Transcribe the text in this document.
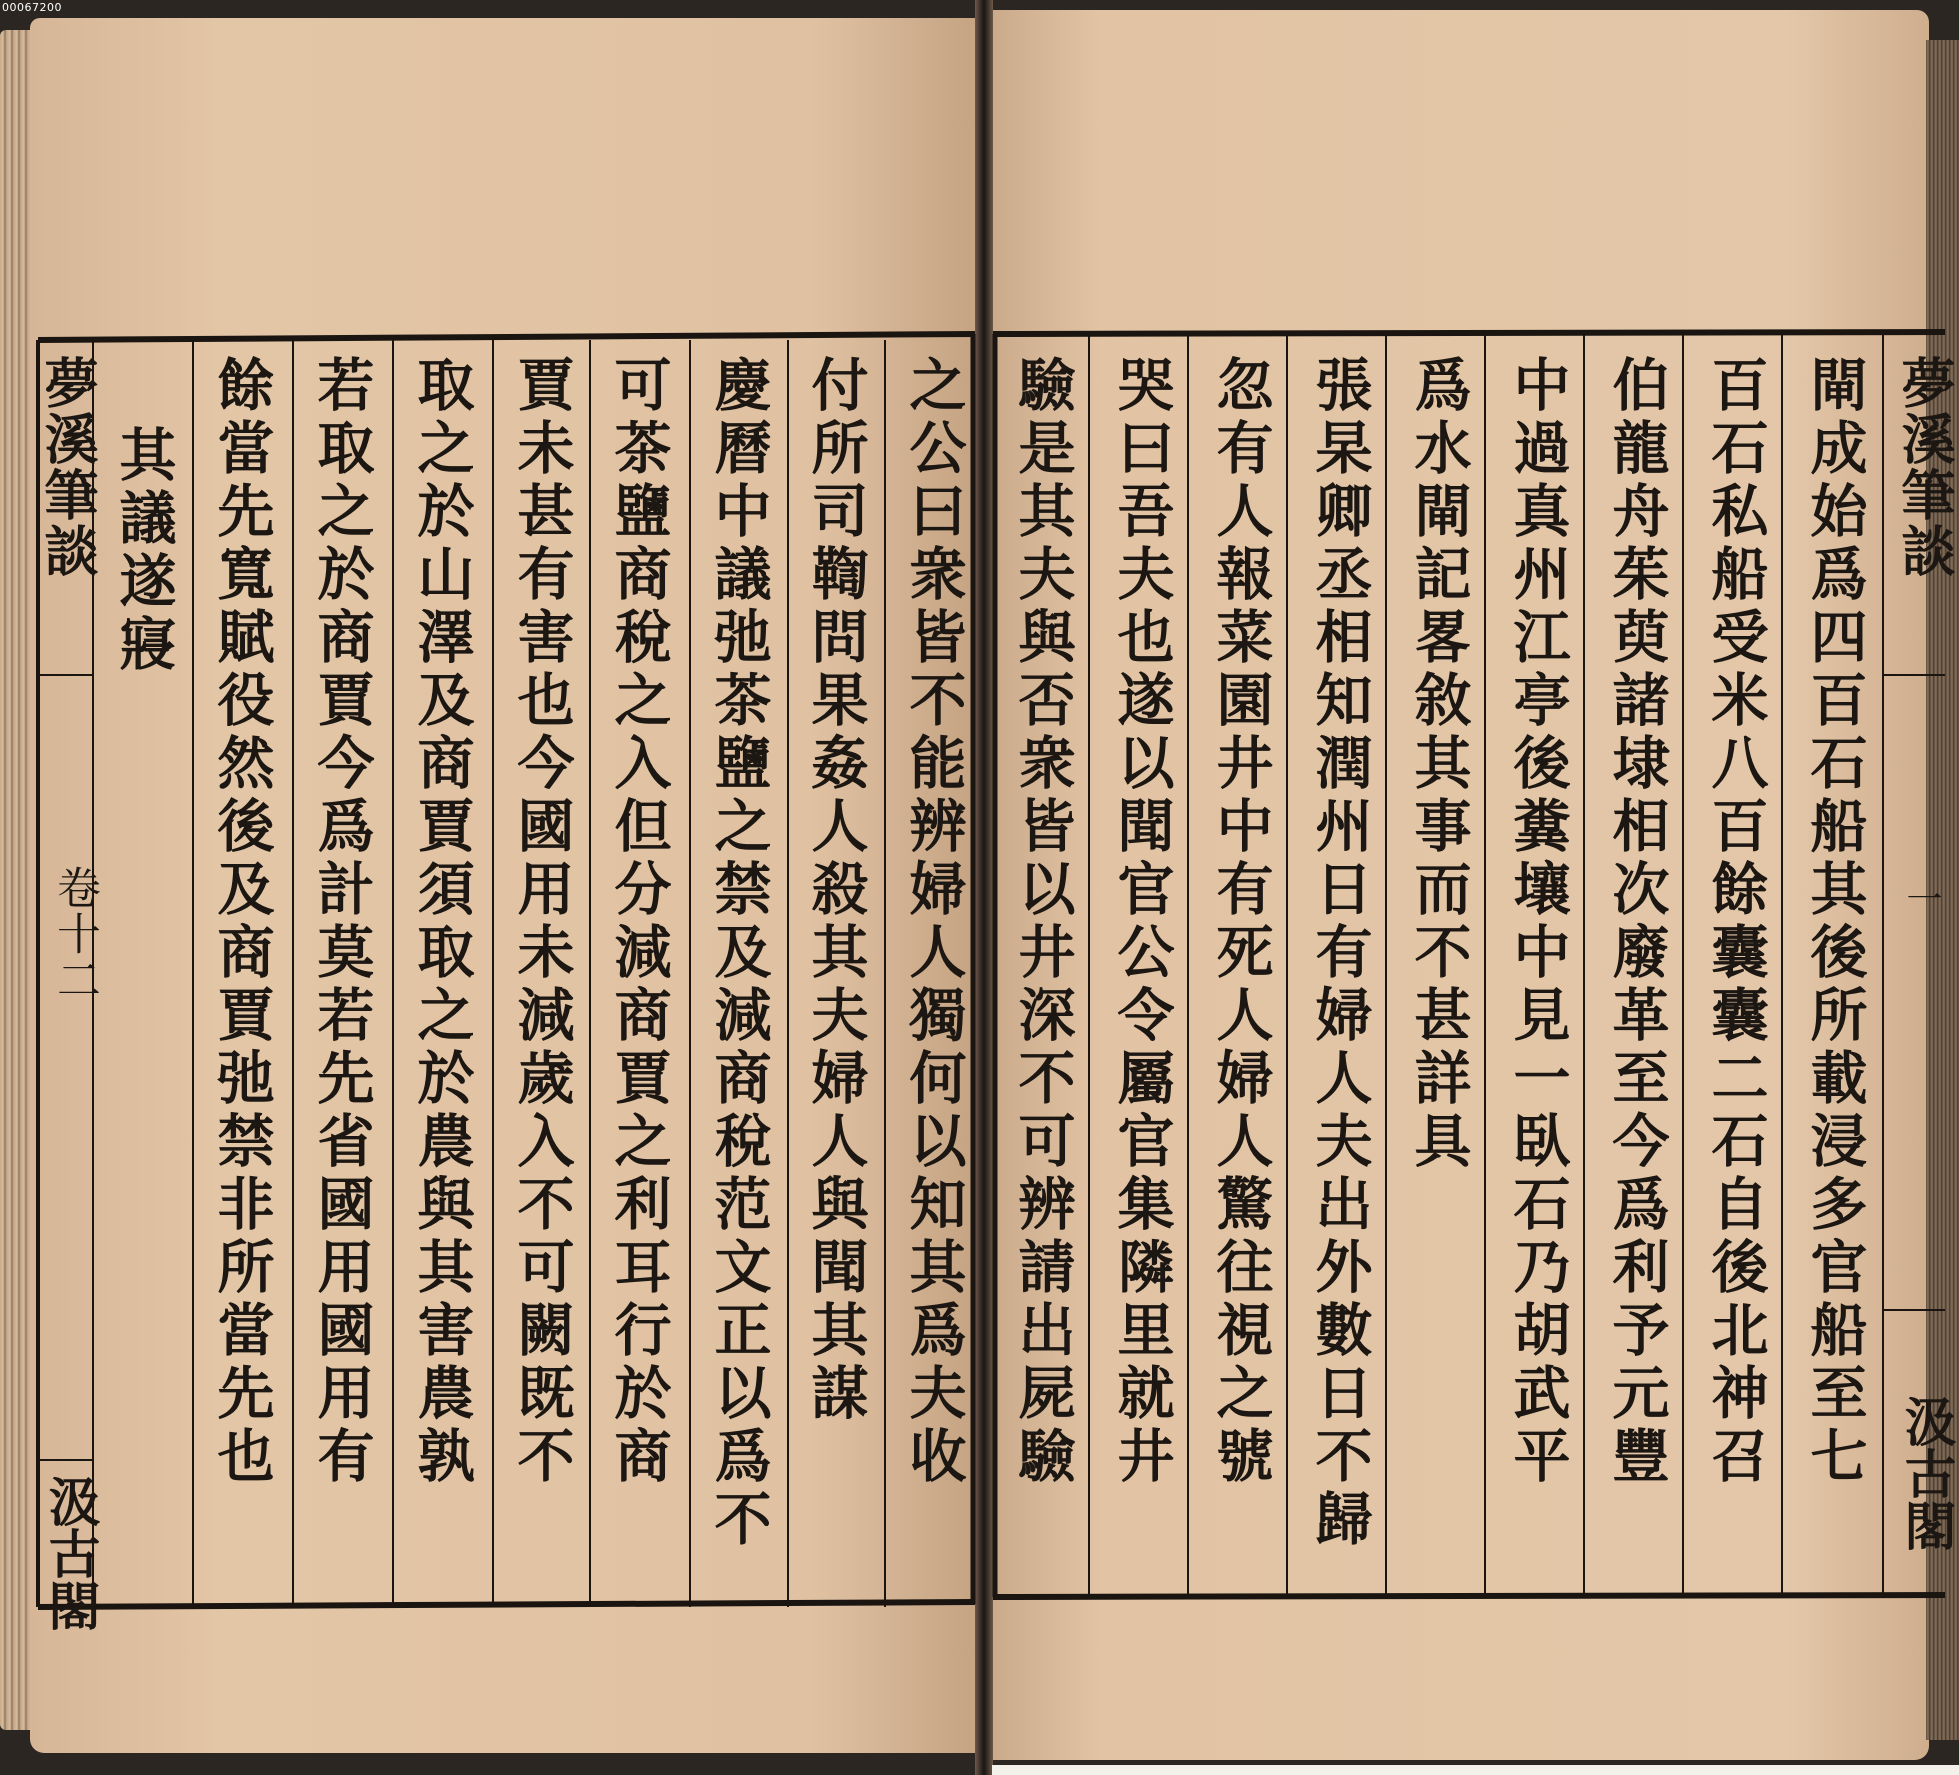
00067200
夢溪筆談
卷十二
汲古閣
之公曰衆皆不能辨婦人獨何以知其爲夫收
付所司鞫問果姦人殺其夫婦人與聞其謀
慶曆中議弛茶鹽之禁及減商稅范文正以爲不
可茶鹽商稅之入但分減商賈之利耳行於商
賈未甚有害也今國用未減歲入不可闕既不
取之於山澤及商賈須取之於農與其害農孰
若取之於商賈今爲計莫若先省國用國用有
餘當先寬賦役然後及商賈弛禁非所當先也
其議遂寢	閘成始爲四百石船其後所載浸多官船至七
百石私船受米八百餘囊囊二石自後北神召
伯龍舟茱萸諸埭相次廢革至今爲利予元豐
中過真州江亭後糞壤中見一臥石乃胡武平
爲水閘記畧敘其事而不甚詳具
張杲卿丞相知潤州日有婦人夫出外數日不歸
忽有人報菜園井中有死人婦人驚往視之號
哭曰吾夫也遂以聞官公令屬官集隣里就井
驗是其夫與否衆皆以井深不可辨請出屍驗	夢溪筆談
一
汲古閣
